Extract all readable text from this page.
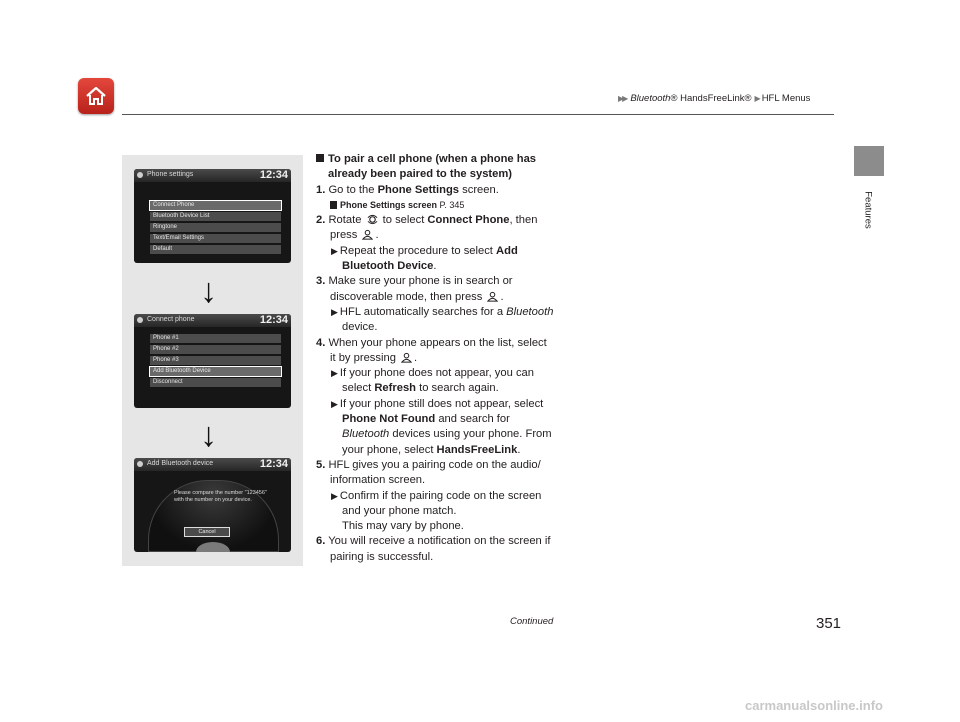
▶▶ Bluetooth® HandsFreeLink® ▶ HFL Menus
Features
Phone settings	12:34
Connect Phone
Bluetooth Device List
Ringtone
Text/Email Settings
Default
↓
Connect phone	12:34
Phone #1
Phone #2
Phone #3
Add Bluetooth Device
Disconnect
↓
Add Bluetooth device	12:34
Please compare the number "123456" with the number on your device.
Cancel

To pair a cell phone (when a phone has already been paired to the system)

1. Go to the Phone Settings screen.

Phone Settings screen P. 345

2. Rotate  to select Connect Phone, then press .

▶ Repeat the procedure to select Add Bluetooth Device.

3. Make sure your phone is in search or discoverable mode, then press .

▶ HFL automatically searches for a Bluetooth device.

4. When your phone appears on the list, select it by pressing .

▶ If your phone does not appear, you can select Refresh to search again.

▶ If your phone still does not appear, select Phone Not Found and search for Bluetooth devices using your phone. From your phone, select HandsFreeLink.

5. HFL gives you a pairing code on the audio/ information screen.

▶ Confirm if the pairing code on the screen and your phone match.
This may vary by phone.

6. You will receive a notification on the screen if pairing is successful.

Continued	351
carmanualsonline.info
